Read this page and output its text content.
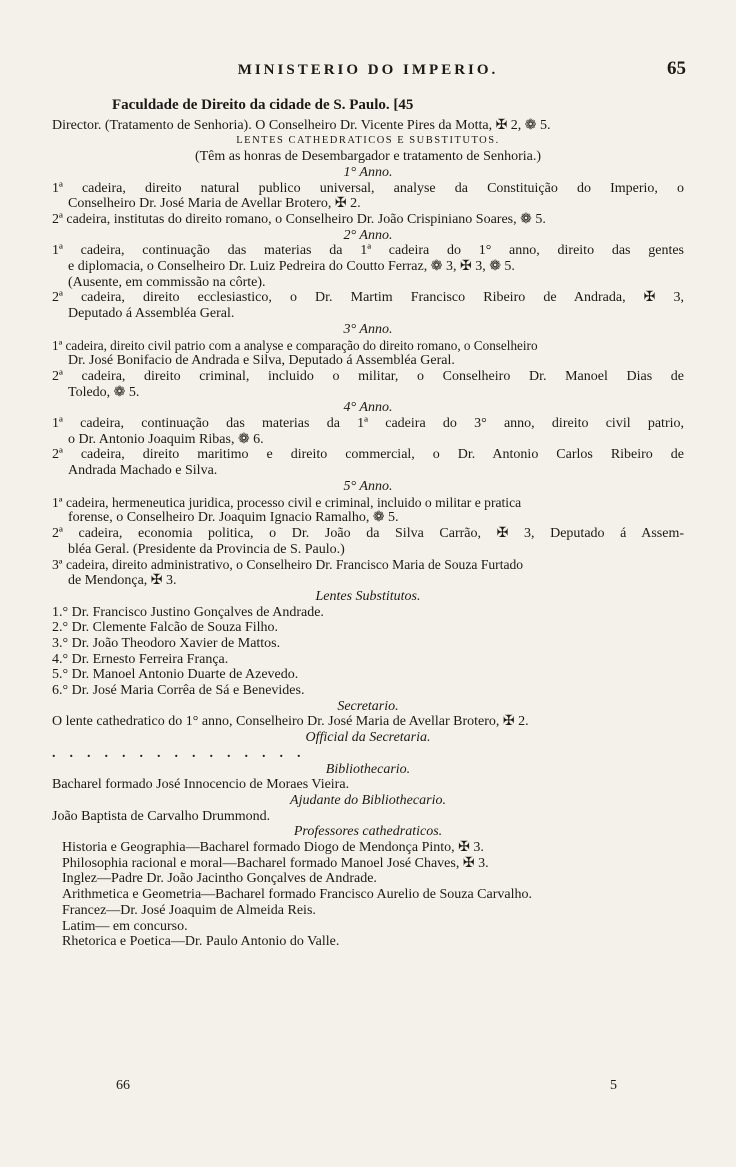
MINISTERIO DO IMPERIO.	65
Faculdade de Direito da cidade de S. Paulo. [45
Director. (Tratamento de Senhoria). O Conselheiro Dr. Vicente Pires da Motta, ✠ 2, ❁ 5.
LENTES CATHEDRATICOS E SUBSTITUTOS.
(Têm as honras de Desembargador e tratamento de Senhoria.)
1° Anno.
1ª cadeira, direito natural publico universal, analyse da Constituição do Imperio, o
Conselheiro Dr. José Maria de Avellar Brotero, ✠ 2.
2ª cadeira, institutas do direito romano, o Conselheiro Dr. João Crispiniano Soares, ❁ 5.
2° Anno.
1ª cadeira, continuação das materias da 1ª cadeira do 1° anno, direito das gentes
e diplomacia, o Conselheiro Dr. Luiz Pedreira do Coutto Ferraz, ❁ 3, ✠ 3, ❁ 5.
(Ausente, em commissão na côrte).
2ª cadeira, direito ecclesiastico, o Dr. Martim Francisco Ribeiro de Andrada, ✠ 3,
Deputado á Assembléa Geral.
3° Anno.
1ª cadeira, direito civil patrio com a analyse e comparação do direito romano, o Conselheiro
Dr. José Bonifacio de Andrada e Silva, Deputado á Assembléa Geral.
2ª cadeira, direito criminal, incluido o militar, o Conselheiro Dr. Manoel Dias de
Toledo, ❁ 5.
4° Anno.
1ª cadeira, continuação das materias da 1ª cadeira do 3° anno, direito civil patrio,
o Dr. Antonio Joaquim Ribas, ❁ 6.
2ª cadeira, direito maritimo e direito commercial, o Dr. Antonio Carlos Ribeiro de
Andrada Machado e Silva.
5° Anno.
1ª cadeira, hermeneutica juridica, processo civil e criminal, incluido o militar e pratica
forense, o Conselheiro Dr. Joaquim Ignacio Ramalho, ❁ 5.
2ª cadeira, economia politica, o Dr. João da Silva Carrão, ✠ 3, Deputado á Assem-
bléa Geral. (Presidente da Provincia de S. Paulo.)
3ª cadeira, direito administrativo, o Conselheiro Dr. Francisco Maria de Souza Furtado
de Mendonça, ✠ 3.
Lentes Substitutos.
1.° Dr. Francisco Justino Gonçalves de Andrade.
2.° Dr. Clemente Falcão de Souza Filho.
3.° Dr. João Theodoro Xavier de Mattos.
4.° Dr. Ernesto Ferreira França.
5.° Dr. Manoel Antonio Duarte de Azevedo.
6.° Dr. José Maria Corrêa de Sá e Benevides.
Secretario.
O lente cathedratico do 1° anno, Conselheiro Dr. José Maria de Avellar Brotero, ✠ 2.
Official da Secretaria.
...............
Bibliothecario.
Bacharel formado José Innocencio de Moraes Vieira.
Ajudante do Bibliothecario.
João Baptista de Carvalho Drummond.
Professores cathedraticos.
Historia e Geographia—Bacharel formado Diogo de Mendonça Pinto, ✠ 3.
Philosophia racional e moral—Bacharel formado Manoel José Chaves, ✠ 3.
Inglez—Padre Dr. João Jacintho Gonçalves de Andrade.
Arithmetica e Geometria—Bacharel formado Francisco Aurelio de Souza Carvalho.
Francez—Dr. José Joaquim de Almeida Reis.
Latim— em concurso.
Rhetorica e Poetica—Dr. Paulo Antonio do Valle.
66	5
